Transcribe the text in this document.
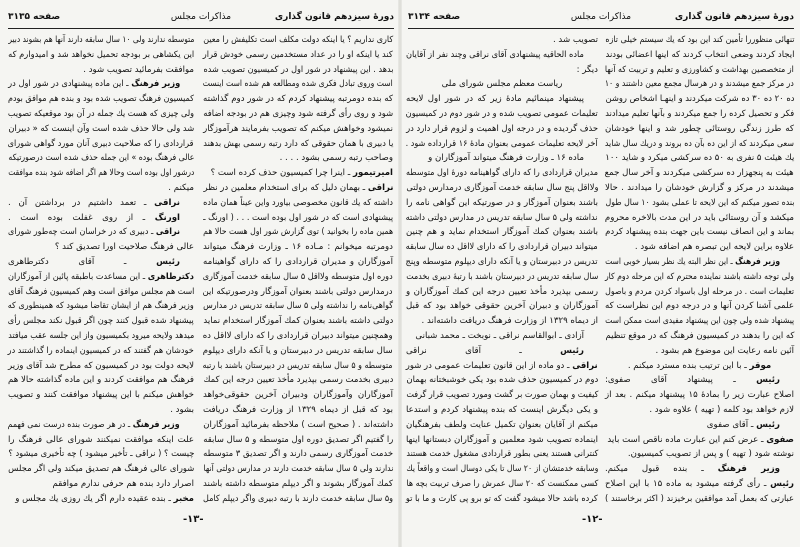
دورهٔ سیزدهم قانون گذاری
مذاکرات مجلس
صفحه ۳۱۳۵
کاری نداریم ؟ یا اینکه دولت مکلف است تکلیفش را معین
کند یا اینکه او را در عداد مستخدمین رسمی خودش قرار
بدهد . این پیشنهاد در شور اول در کمیسیون تصویب شده
است وروی تبادل فکری شده ومطالعه هم شده است اینست
که بنده دومرتبه پیشنهاد کردم که در شور دوم گذاشته
شود و روی رأی گرفته شود وچیزی هم در بودجه اضافه
نمیشود وخواهش میکنم که تصویب بفرمایند هرآموزگار
یا دبیری با همان حقوقی که دارد رتبه رسمی بهش بدهند
وصاحب رتبه رسمی بشود . . . .
امیرتیمور ـ اینرا چرا کمیسیون حذف کرده است ؟
نراقی ـ بهمان دلیل که برای استخدام معلمین در نظر
داشته که یك قانون مخصوصی بیاورد واین عیناً همان ماده
پیشنهادی است که در شور اول بوده است . . . ( اورنگ ـ
همین ماده را بخوانید ) توی گزارش شور اول هست حالا هم
دومرتبه میخوانم : مـاده ۱۶ ـ وزارت فرهنگ میتواند
آموزگاران و مدیران قراردادی را که دارای گواهینامه
دوره اول متوسطه ولااقل ۵ سال سابقه خدمت آموزگاری
درمدارس دولتی باشند بعنوان آموزگار ودرصورتیکه این
گواهی‌نامه را نداشته ولی ۵ سال سابقه تدریس در مدارس
دولتی داشته باشند بعنوان کمك آموزگار استخدام نماید
وهمچنین میتواند دبیران قراردادی را که دارای لااقل ده
سال سابقه تدریس در دبیرستان و یا آنکه دارای دیپلوم
متوسطه و ۵ سال سابقه تدریس در دبیرستان باشند با رتبه
دبیری بخدمت رسمی بپذیرد مأخذ تعیین درجه این کمك
آموزگاران وآموزگاران ودبیران آخرین حقوقی‌خواهد
بود که قبل از دیماه ۱۳۲۹ از وزارت فرهنگ دریافت
داشته‌اند . ( صحیح است ) ملاحظه بفرمائید آموزگاران
را گفتیم اگر تصدیق دوره اول متوسطه و ۵ سال سابقه
خدمت آموزگاری رسمی دارند و اگر تصدیق ۳ متوسطه
ندارند ولی ۵ سال سابقه خدمت دارند در مدارس دولتی آنها
کمك آموزگار بشوند و اگر دیپلم متوسطه داشته باشند
و۵ سال سابقه خدمت دارند با رتبه دبیری واگر دیپلم کامل
متوسطه ندارند ولی ۱۰ سال سابقه دارند آنها هم بشوند دبیر
این یکشاهی بر بودجه تحمیل نخواهد شد و امیدوارم که
موافقت بفرمائید تصویب شود .
وزیر فرهنگ ـ این ماده پیشنهادی در شور اول در
کمیسیون فرهنگ تصویب شده بود و بنده هم موافق بودم
ولی چیزی که هست یك جمله در آن بود موقعیکه تصویب
شد ولی حالا حذف شده است وآن اینست که « دبیران
قراردادی را که صلاحیت دبیری آنان مورد گواهی شورای
عالی فرهنگ بوده » این جمله حذف شده است درصورتیکه
درشور اول بوده است وحالا هم اگر اضافه شود بنده موافقت
میکنم .
نراقی ـ تعمد داشتیم در برداشتن آن .
اورنگ ـ از روی غفلت بوده است .
نراقی ـ دبیری که در خراسان است چه‌طور شورای
عالی فرهنگ صلاحیت اورا تصدیق کند ؟
رئیس ـ آقای دکترطاهری
دکترطاهری ـ این مساعدت باطبقه پائین از آموزگاران
است هم مجلس موافق است وهم کمیسیون فرهنگ آقای
وزیر فرهنگ هم از ایشان تقاضا میشود که همینطوری که
پیشنهاد شده قبول کنند چون اگر قبول نکند مجلس رأی
میدهد ولایحه میرود بکمیسیون واز این جلسه عقب میافتد
خودشان هم گفتند که در کمیسیون اینماده را گذاشتند در
لایحه دولت بود در کمیسیون که مطرح شد آقای وزیر
فرهنگ هم موافقت کردند و این ماده گذاشته حالا هم
خواهش میکنم با این پیشنهاد موافقت کنند و تصویب
بشود .
وزیر فرهنگ ـ در هر صورت بنده درست نمی فهمم
علت اینکه موافقت نمیکنند شورای عالی فرهنگ را
چیست ؟ ( نراقی ـ تأخیر میشود ) چه تأخیری میشود ؟
شورای عالی فرهنگ هم تصدیق میکند ولی اگر مجلس
اصرار دارد بنده هم حرفی ندارم موافقم
مخبر ـ بنده عقیده دارم اگر یك روزی یك مجلس و
-۱۳-
دورهٔ سیزدهم قانون گذاری
مذاکرات مجلس
صفحه ۳۱۳۴
تنهائی منظوررا تأمین کند این بود که یك سیستم خیلی تازه
ایجاد کردند وضعی انتخاب کردند که اینها اعضائی بودند
از متخصصین بهداشت و کشاورزی و تعلیم و تربیت که آنها
در مرکز جمع میشدند و در هرسال مجمع معین داشتند و ۱۰
ده ۲۰ ده ۳۰ ده شرکت میکردند و اینهـا اشخاص روشن
فکر و تحصیل کرده را جمع میکردند و بآنها تعلیم میدادند
که طرز زندگی روستائی چطور شد و اینها خودشان
سعی میکردند که از این ده بآن ده بروند و دریك سال شاید
یك هیئت ۵ نفری به ۵۰ ده سرکشی میکرد و شاید ۱۰۰
هیئت به پنجهزار ده سرکشی میکردند و آخر سال جمع
میشدند در مرکز و گزارش خودشان را میدادند . حالا
بنده تصور میکنم که این لایحه تا عملی بشود ۱۰ سال طول
میکشد و آن روستائی باید در این مدت بالاخره محروم
بماند و این انصاف نیست باین جهت بنده پیشنهاد کردم
علاوه براین لایحه این تبصره هم اضافه شود .
وزیر فرهنگ ـ این نظر البته یك نظر بسیار خوبی است
ولی توجه داشته باشند نماینده محترم که این مرحله دوم کار
تعلیمات است . در مرحله اول باسواد کردن مردم و باصول
علمی آشنا کردن آنها و در درجه دوم این نظراست که
پیشنهاد شده ولی چون این پیشنهاد مفیدی است ممکن است
که این را بدهند در کمیسیون فرهنگ که در موقع تنظیم
آئین نامه رعایت این موضوع هم بشود .
موقر ـ با این ترتیب بنده مسترد میکنم .
رئیس ـ پیشنهاد آقای صفوی:
اصلاح عبارت زیر را بمادهٔ ۱۵ پیشنهاد میکنم . بعد از
لازم خواهد بود کلمه ( تهیه ) علاوه شود .
رئیس ـ آقای صفوی
صفوی ـ عرض کنم این عبارت ماده ناقص است باید
نوشته شود ( تهیه ) و پس از تصویب کمیسیون.
وزیر فرهنگ ـ بنده قبول میکنم.
رئیس ـ رأی گرفته میشود به ماده ۱۵ با این اصلاح
عبارتی که بعمل آمد موافقین برخیزند ( اکثر برخاستند )
تصویب شد .
ماده الحاقیه پیشنهادی آقای نراقی وچند نفر از آقایان
دیگر :
ریاست معظم مجلس شورای ملی
پیشنهاد مینمائیم مادهٔ زیر که در شور اول لایحه
تعلیمات عمومی تصویب شده و در شور دوم در کمیسیون
حذف گردیده و در درجه اول اهمیت و لزوم قرار دارد در
آخر لایحه تعلیمات عمومی بعنوان مادهٔ ۱۶ قرارداده شود .
ماده ۱۶ ـ وزارت فرهنگ میتواند آموزگاران و
مدیران قراردادی را که دارای گواهینامه دورهٔ اول متوسطه
ولااقل پنج سال سابقه خدمت آموزگاری درمدارس دولتی
باشند بعنوان آموزگار و در صورتیکه این گواهی نامه را
نداشته ولی ۵ سال سابقه تدریس در مدارس دولتی داشته
باشند بعنوان کمك آموزگار استخدام نماید و هم چنین
میتواند دبیران قراردادی را که دارای لااقل ده سال سابقه
تدریس در دبیرستان و یا آنکه دارای دیپلوم متوسطه وپنج
سال سابقه تدریس در دبیرستان باشند با رتبهٔ دبیری بخدمت
رسمی بپذیرد مأخذ تعیین درجه این کمك آموزگاران و
آموزگاران و دبیران آخرین حقوقی خواهد بود که قبل
از دیماه ۱۳۲۹ از وزارت فرهنگ دریافت داشته‌اند .
آزادی ـ ابوالقاسم نراقی ـ نوبخت ـ محمد شبانی
رئیس ـ آقای نراقی
نراقی ـ دو ماده از این قانون تعلیمات عمومی در شور
دوم در کمیسیون حذف شده بود یکی خوشبختانه بهمان
کیفیت و بهمان صورت بر گشت ومورد تصویب قرار گرفت
و یکی دیگرش اینست که بنده پیشنهاد کردم و استدعا
میکنم از آقایان بعنوان تکمیل عنایت ولطف بفرهنگیان
اینماده تصویب شود معلمین و آموزگاران دبستانها اینها
کنترانی هستند یعنی بطور قراردادی مشغول خدمت هستند
وسابقه خدمتشان از ۲۰ سال تا یکی دوسال است و واقعاً یك
کسی ممکنست که ۲۰ سال عمرش را صرف تربیت بچه ها
کرده باشد حالا میشود گفت که تو برو پی کارت و ما با تو
-۱۲-
